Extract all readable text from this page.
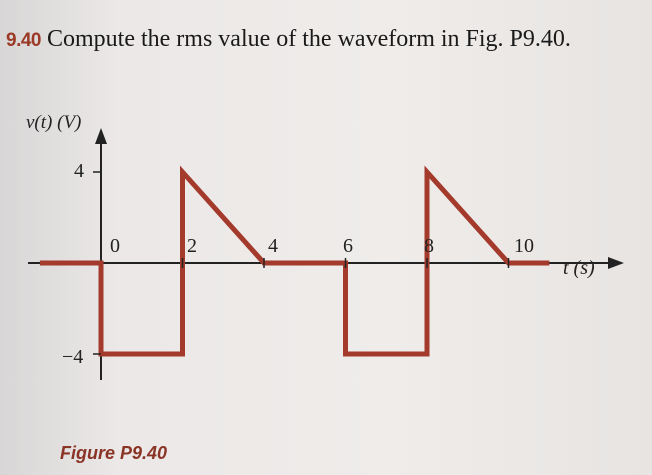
9.40 Compute the rms value of the waveform in Fig. P9.40.
v(t) (V)
t (s)
0	2	4	6	8	10
4
−4
Figure P9.40
